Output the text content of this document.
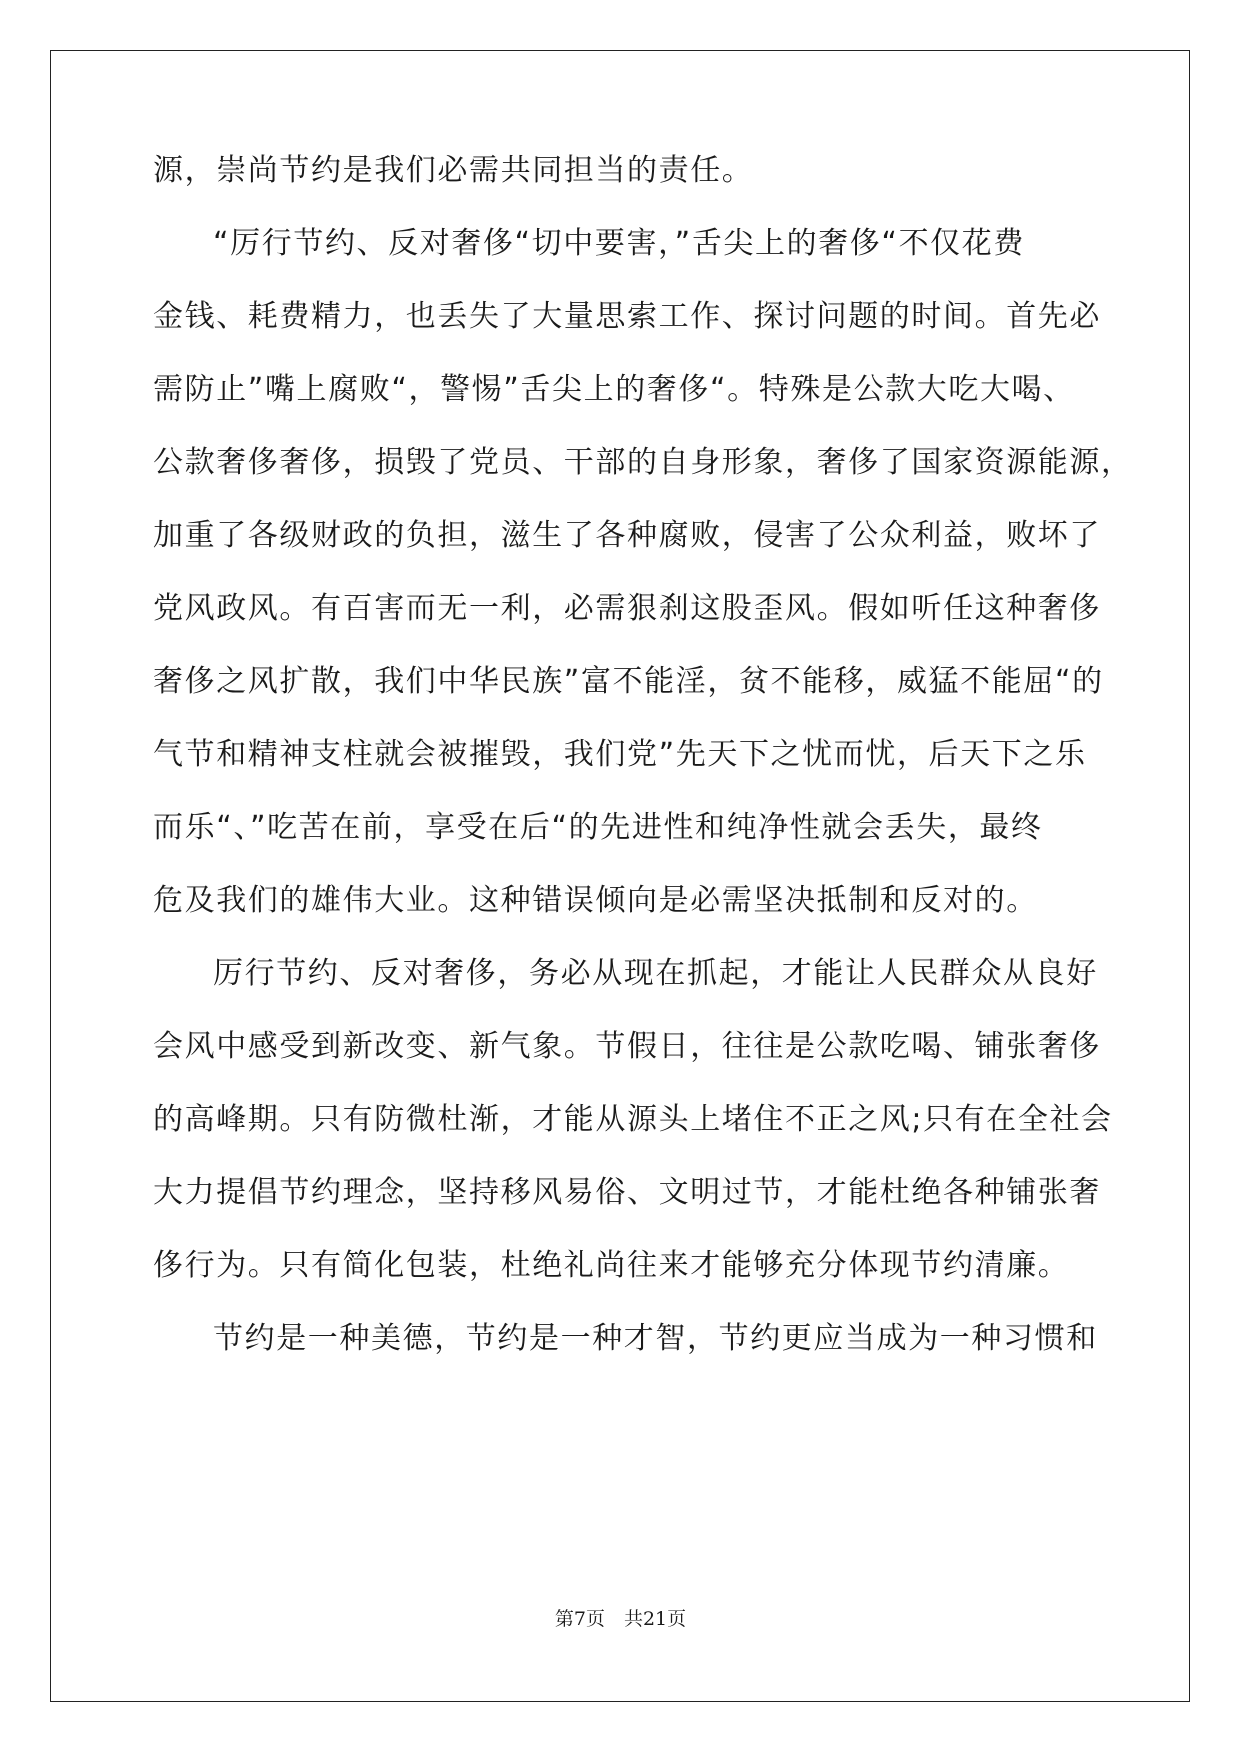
源，崇尚节约是我们必需共同担当的责任。
“厉行节约、反对奢侈“切中要害，”舌尖上的奢侈“不仅花费
金钱、耗费精力，也丢失了大量思索工作、探讨问题的时间。首先必
需防止”嘴上腐败“，警惕”舌尖上的奢侈“。特殊是公款大吃大喝、
公款奢侈奢侈，损毁了党员、干部的自身形象，奢侈了国家资源能源，
加重了各级财政的负担，滋生了各种腐败，侵害了公众利益，败坏了
党风政风。有百害而无一利，必需狠刹这股歪风。假如听任这种奢侈
奢侈之风扩散，我们中华民族”富不能淫，贫不能移，威猛不能屈“的
气节和精神支柱就会被摧毁，我们党”先天下之忧而忧，后天下之乐
而乐“、”吃苦在前，享受在后“的先进性和纯净性就会丢失，最终
危及我们的雄伟大业。这种错误倾向是必需坚决抵制和反对的。
厉行节约、反对奢侈，务必从现在抓起，才能让人民群众从良好
会风中感受到新改变、新气象。节假日，往往是公款吃喝、铺张奢侈
的高峰期。只有防微杜渐，才能从源头上堵住不正之风;只有在全社会
大力提倡节约理念，坚持移风易俗、文明过节，才能杜绝各种铺张奢
侈行为。只有简化包装，杜绝礼尚往来才能够充分体现节约清廉。
节约是一种美德，节约是一种才智，节约更应当成为一种习惯和
第7页　共21页
